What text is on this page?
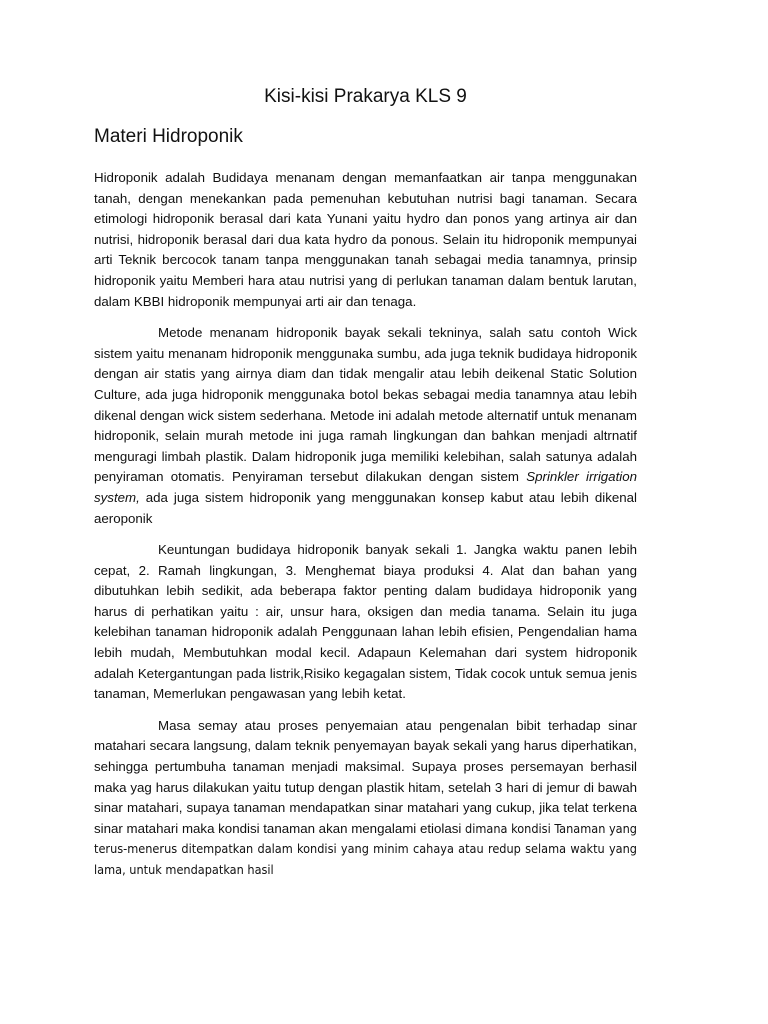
Kisi-kisi Prakarya KLS 9
Materi Hidroponik

Hidroponik adalah Budidaya menanam dengan memanfaatkan air tanpa menggunakan tanah, dengan menekankan pada pemenuhan kebutuhan nutrisi bagi tanaman. Secara etimologi hidroponik berasal dari kata Yunani yaitu hydro dan ponos yang artinya air dan nutrisi, hidroponik berasal dari dua kata hydro da ponous. Selain itu hidroponik mempunyai arti Teknik bercocok tanam tanpa menggunakan tanah sebagai media tanamnya, prinsip hidroponik yaitu Memberi hara atau nutrisi yang di perlukan tanaman dalam bentuk larutan, dalam KBBI hidroponik mempunyai arti air dan tenaga.

Metode menanam hidroponik bayak sekali tekninya, salah satu contoh Wick sistem yaitu menanam hidroponik menggunaka sumbu, ada juga teknik budidaya hidroponik dengan air statis yang airnya diam dan tidak mengalir atau lebih deikenal Static Solution Culture, ada juga hidroponik menggunaka botol bekas sebagai media tanamnya atau lebih dikenal dengan wick sistem sederhana. Metode ini adalah metode alternatif untuk menanam hidroponik, selain murah metode ini juga ramah lingkungan dan bahkan menjadi altrnatif menguragi limbah plastik. Dalam hidroponik juga memiliki kelebihan, salah satunya adalah penyiraman otomatis. Penyiraman tersebut dilakukan dengan sistem Sprinkler irrigation system, ada juga sistem hidroponik yang menggunakan konsep kabut atau lebih dikenal aeroponik

Keuntungan budidaya hidroponik banyak sekali 1. Jangka waktu panen lebih cepat, 2. Ramah lingkungan, 3. Menghemat biaya produksi 4. Alat dan bahan yang dibutuhkan lebih sedikit, ada beberapa faktor penting dalam budidaya hidroponik yang harus di perhatikan yaitu : air, unsur hara, oksigen dan media tanama. Selain itu juga kelebihan tanaman hidroponik adalah Penggunaan lahan lebih efisien, Pengendalian hama lebih mudah, Membutuhkan modal kecil. Adapaun Kelemahan dari system hidroponik adalah Ketergantungan pada listrik,Risiko kegagalan sistem, Tidak cocok untuk semua jenis tanaman, Memerlukan pengawasan yang lebih ketat.

Masa semay atau proses penyemaian atau pengenalan bibit terhadap sinar matahari secara langsung, dalam teknik penyemayan bayak sekali yang harus diperhatikan, sehingga pertumbuha tanaman menjadi maksimal. Supaya proses persemayan berhasil maka yag harus dilakukan yaitu tutup dengan plastik hitam, setelah 3 hari di jemur di bawah sinar matahari, supaya tanaman mendapatkan sinar matahari yang cukup, jika telat terkena sinar matahari maka kondisi tanaman akan mengalami etiolasi dimana kondisi Tanaman yang terus-menerus ditempatkan dalam kondisi yang minim cahaya atau redup selama waktu yang lama, untuk mendapatkan hasil
